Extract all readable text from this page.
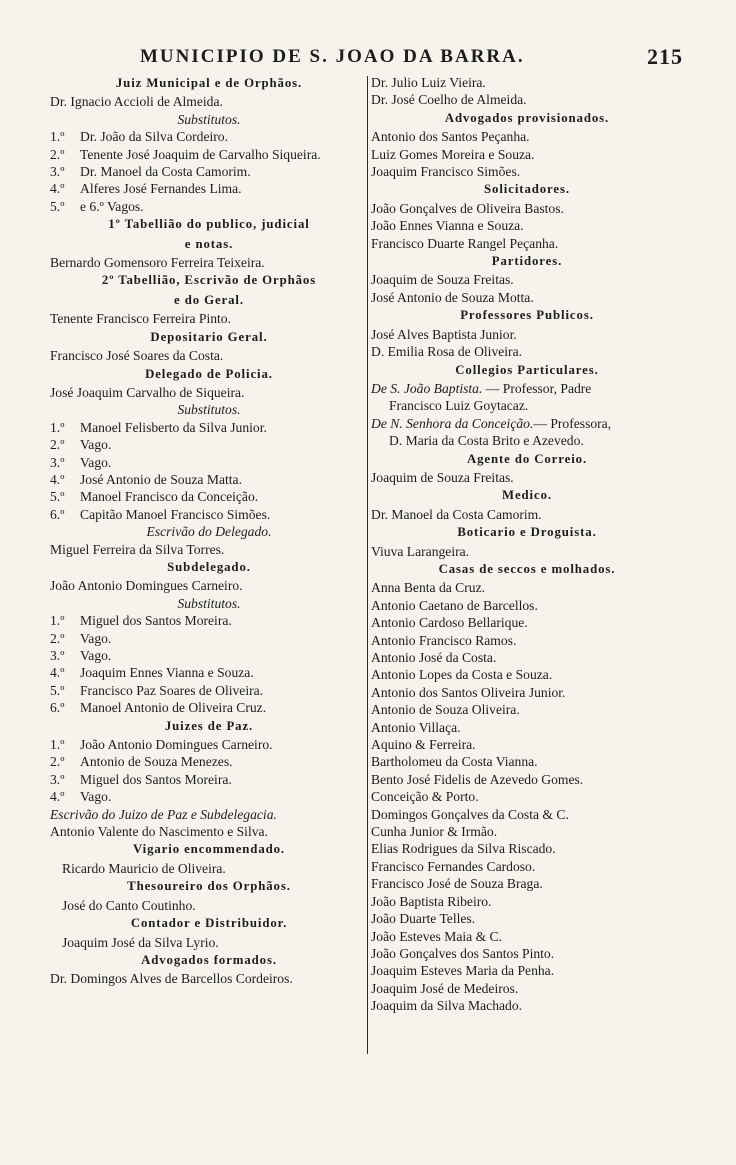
MUNICIPIO DE S. JOAO DA BARRA.	215
Juiz Municipal e de Orphãos.
Dr. Ignacio Accioli de Almeida.
Substitutos.
1.º	Dr. João da Silva Cordeiro.
2.º Tenente José Joaquim de Carvalho Siqueira.
3.º	Dr. Manoel da Costa Camorim.
4.º	Alferes José Fernandes Lima.
5.º	e 6.º Vagos.
1º Tabellião do publico, judicial
e notas.
Bernardo Gomensoro Ferreira Teixeira.
2º Tabellião, Escrivão de Orphãos
e do Geral.
Tenente Francisco Ferreira Pinto.
Depositario Geral.
Francisco José Soares da Costa.
Delegado de Policia.
José Joaquim Carvalho de Siqueira.
Substitutos.
1.º	Manoel Felisberto da Silva Junior.
2.º	Vago.
3.º	Vago.
4.º	José Antonio de Souza Matta.
5.º	Manoel Francisco da Conceição.
6.º	Capitão Manoel Francisco Simões.
Escrivão do Delegado.
Miguel Ferreira da Silva Torres.
Subdelegado.
João Antonio Domingues Carneiro.
Substitutos.
1.º	Miguel dos Santos Moreira.
2.º	Vago.
3.º	Vago.
4.º	Joaquim Ennes Vianna e Souza.
5.º	Francisco Paz Soares de Oliveira.
6.º	Manoel Antonio de Oliveira Cruz.
Juizes de Paz.
1.º	João Antonio Domingues Carneiro.
2.º	Antonio de Souza Menezes.
3.º	Miguel dos Santos Moreira.
4.º	Vago.
Escrivão do Juizo de Paz e Subdelegacia.
Antonio Valente do Nascimento e Silva.
Vigario encommendado.
Ricardo Mauricio de Oliveira.
Thesoureiro dos Orphãos.
José do Canto Coutinho.
Contador e Distribuidor.
Joaquim José da Silva Lyrio.
Advogados formados.
Dr. Domingos Alves de Barcellos Cordeiros.
Dr. Julio Luiz Vieira.
Dr. José Coelho de Almeida.
Advogados provisionados.
Antonio dos Santos Peçanha.
Luiz Gomes Moreira e Souza.
Joaquim Francisco Simões.
Solicitadores.
João Gonçalves de Oliveira Bastos.
João Ennes Vianna e Souza.
Francisco Duarte Rangel Peçanha.
Partidores.
Joaquim de Souza Freitas.
José Antonio de Souza Motta.
Professores Publicos.
José Alves Baptista Junior.
D. Emilia Rosa de Oliveira.
Collegios Particulares.
De S. João Baptista. — Professor, Padre
Francisco Luiz Goytacaz.
De N. Senhora da Conceição.— Professora,
D. Maria da Costa Brito e Azevedo.
Agente do Correio.
Joaquim de Souza Freitas.
Medico.
Dr. Manoel da Costa Camorim.
Boticario e Droguista.
Viuva Larangeira.
Casas de seccos e molhados.
Anna Benta da Cruz.
Antonio Caetano de Barcellos.
Antonio Cardoso Bellarique.
Antonio Francisco Ramos.
Antonio José da Costa.
Antonio Lopes da Costa e Souza.
Antonio dos Santos Oliveira Junior.
Antonio de Souza Oliveira.
Antonio Villaça.
Aquino & Ferreira.
Bartholomeu da Costa Vianna.
Bento José Fidelis de Azevedo Gomes.
Conceição & Porto.
Domingos Gonçalves da Costa & C.
Cunha Junior & Irmão.
Elias Rodrigues da Silva Riscado.
Francisco Fernandes Cardoso.
Francisco José de Souza Braga.
João Baptista Ribeiro.
João Duarte Telles.
João Esteves Maia & C.
João Gonçalves dos Santos Pinto.
Joaquim Esteves Maria da Penha.
Joaquim José de Medeiros.
Joaquim da Silva Machado.
